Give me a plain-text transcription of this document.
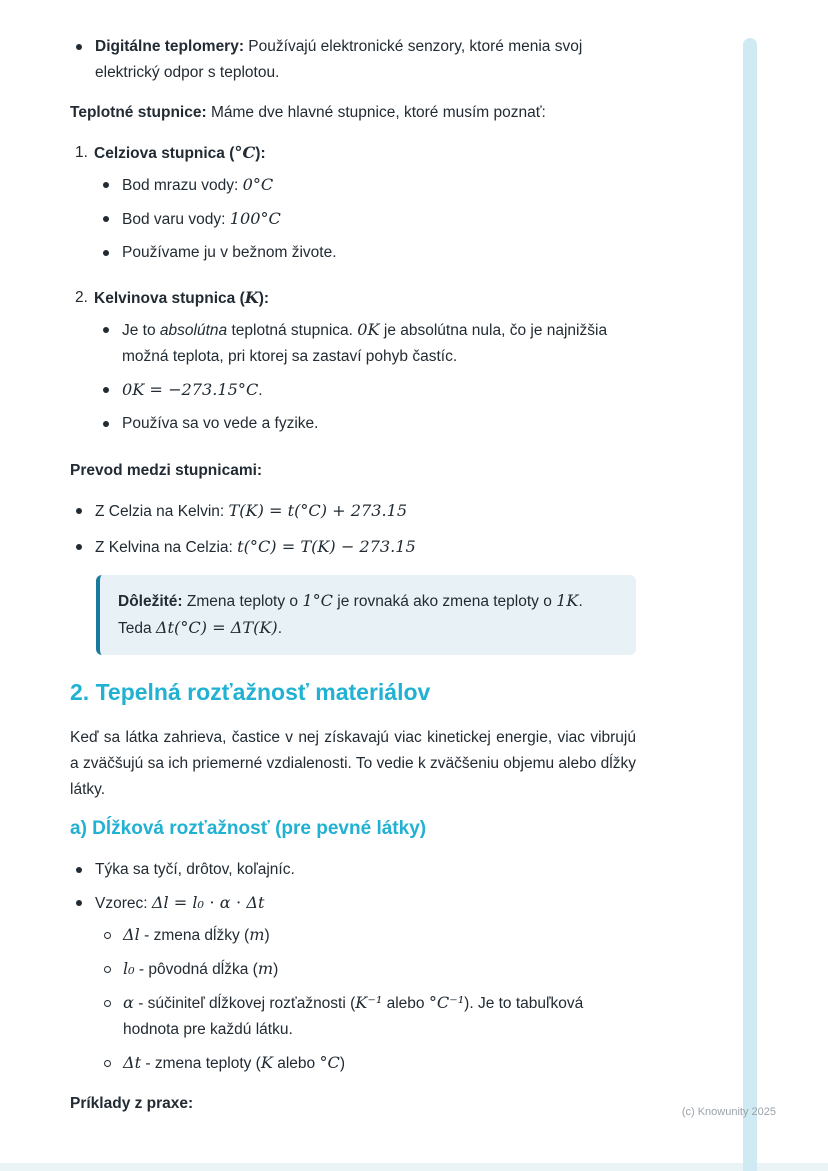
Digitálne teplomery: Používajú elektronické senzory, ktoré menia svoj elektrický odpor s teplotou.

Teplotné stupnice: Máme dve hlavné stupnice, ktoré musím poznať:

1. Celziova stupnica (°C):
Bod mrazu vody: 0°C
Bod varu vody: 100°C
Používame ju v bežnom živote.
2. Kelvinova stupnica (K):
Je to absolútna teplotná stupnica. 0K je absolútna nula, čo je najnižšia možná teplota, pri ktorej sa zastaví pohyb častíc.
0K = −273.15°C.
Používa sa vo vede a fyzike.

Prevod medzi stupnicami:

Z Celzia na Kelvin: T(K) = t(°C) + 273.15
Z Kelvina na Celzia: t(°C) = T(K) − 273.15

Dôležité: Zmena teploty o 1°C je rovnaká ako zmena teploty o 1K. Teda Δt(°C) = ΔT(K).

2. Tepelná rozťažnosť materiálov

Keď sa látka zahrieva, častice v nej získavajú viac kinetickej energie, viac vibrujú a zväčšujú sa ich priemerné vzdialenosti. To vedie k zväčšeniu objemu alebo dĺžky látky.

a) Dĺžková rozťažnosť (pre pevné látky)
Týka sa tyčí, drôtov, koľajníc.
Vzorec: Δl = l₀ ⋅ α ⋅ Δt
Δl - zmena dĺžky (m)
l₀ - pôvodná dĺžka (m)
α - súčiniteľ dĺžkovej rozťažnosti (K⁻¹ alebo °C⁻¹). Je to tabuľková hodnota pre každú látku.
Δt - zmena teploty (K alebo °C)

Príklady z praxe:	(c) Knowunity 2025
